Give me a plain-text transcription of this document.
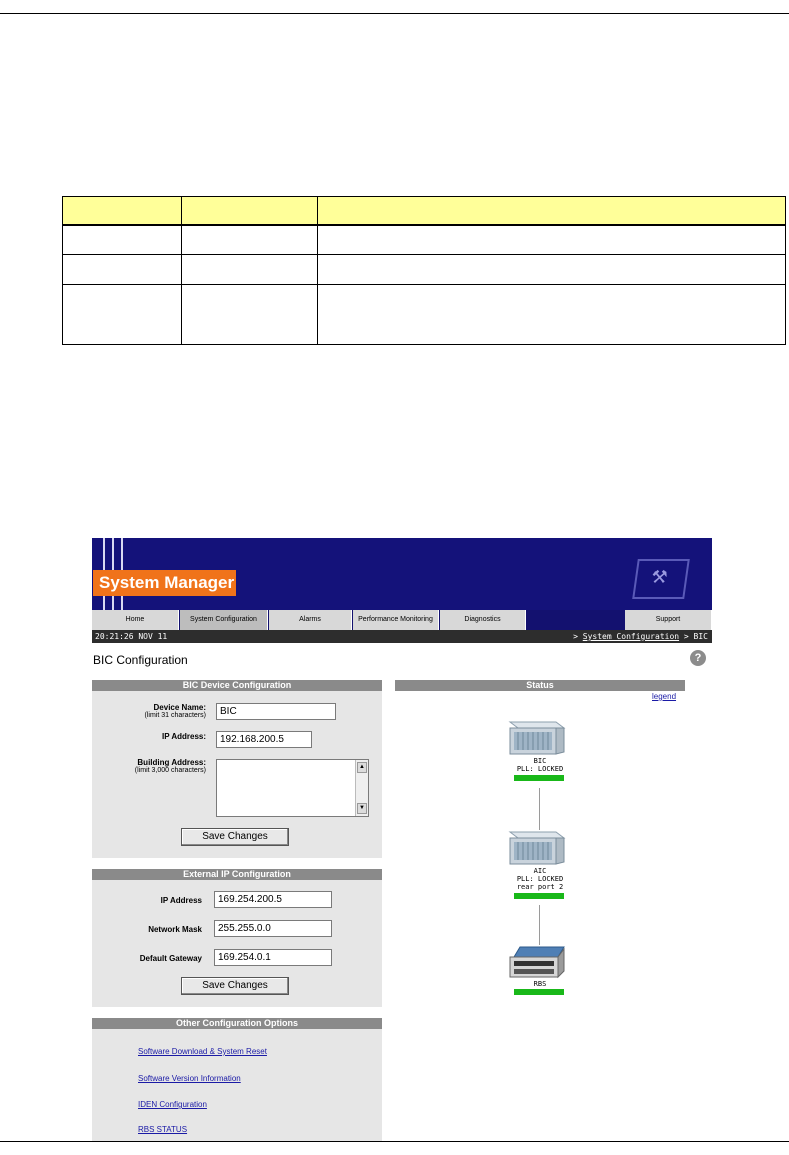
System Manager	⚒
Home	System Configuration	Alarms	Performance Monitoring	Diagnostics	Support
20:21:26 NOV 11	> System Configuration > BIC
BIC Configuration	?
BIC Device Configuration
Device Name:
(limit 31 characters)	BIC
IP Address:	192.168.200.5
Building Address:
(limit 3,000 characters)	▲
▼
Save Changes
External IP Configuration
IP Address	169.254.200.5
Network Mask	255.255.0.0
Default Gateway	169.254.0.1
Save Changes
Other Configuration Options
Software Download & System Reset
Software Version Information
IDEN Configuration
RBS STATUS
Status
legend
BIC
PLL: LOCKED
AIC
PLL: LOCKED
rear port 2
RBS
